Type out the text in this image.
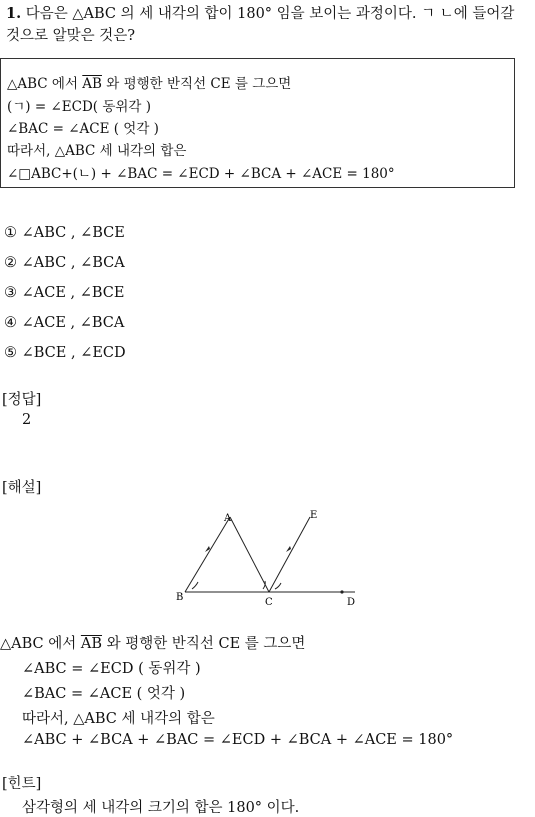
1. 다음은 △ABC 의 세 내각의 합이 180° 임을 보이는 과정이다. ㄱ ㄴ에 들어갈
것으로 알맞은 것은?
△ABC 에서 $\overline{AB}$ 와 평행한 반직선 CE 를 그으면
(ㄱ) = ∠ECD( 동위각 )
∠BAC = ∠ACE ( 엇각 )
따라서, △ABC 세 내각의 합은
∠□ABC+(ㄴ) + ∠BAC = ∠ECD + ∠BCA + ∠ACE = 180°
① ∠ABC , ∠BCE
② ∠ABC , ∠BCA
③ ∠ACE , ∠BCE
④ ∠ACE , ∠BCA
⑤ ∠BCE , ∠ECD
[정답]
2
[해설]
A
B	C	D
E
△ABC 에서 $\overline{AB}$ 와 평행한 반직선 CE 를 그으면
∠ABC = ∠ECD ( 동위각 )
∠BAC = ∠ACE ( 엇각 )
따라서, △ABC 세 내각의 합은
∠ABC + ∠BCA + ∠BAC = ∠ECD + ∠BCA + ∠ACE = 180°
[힌트]
삼각형의 세 내각의 크기의 합은 180° 이다.
